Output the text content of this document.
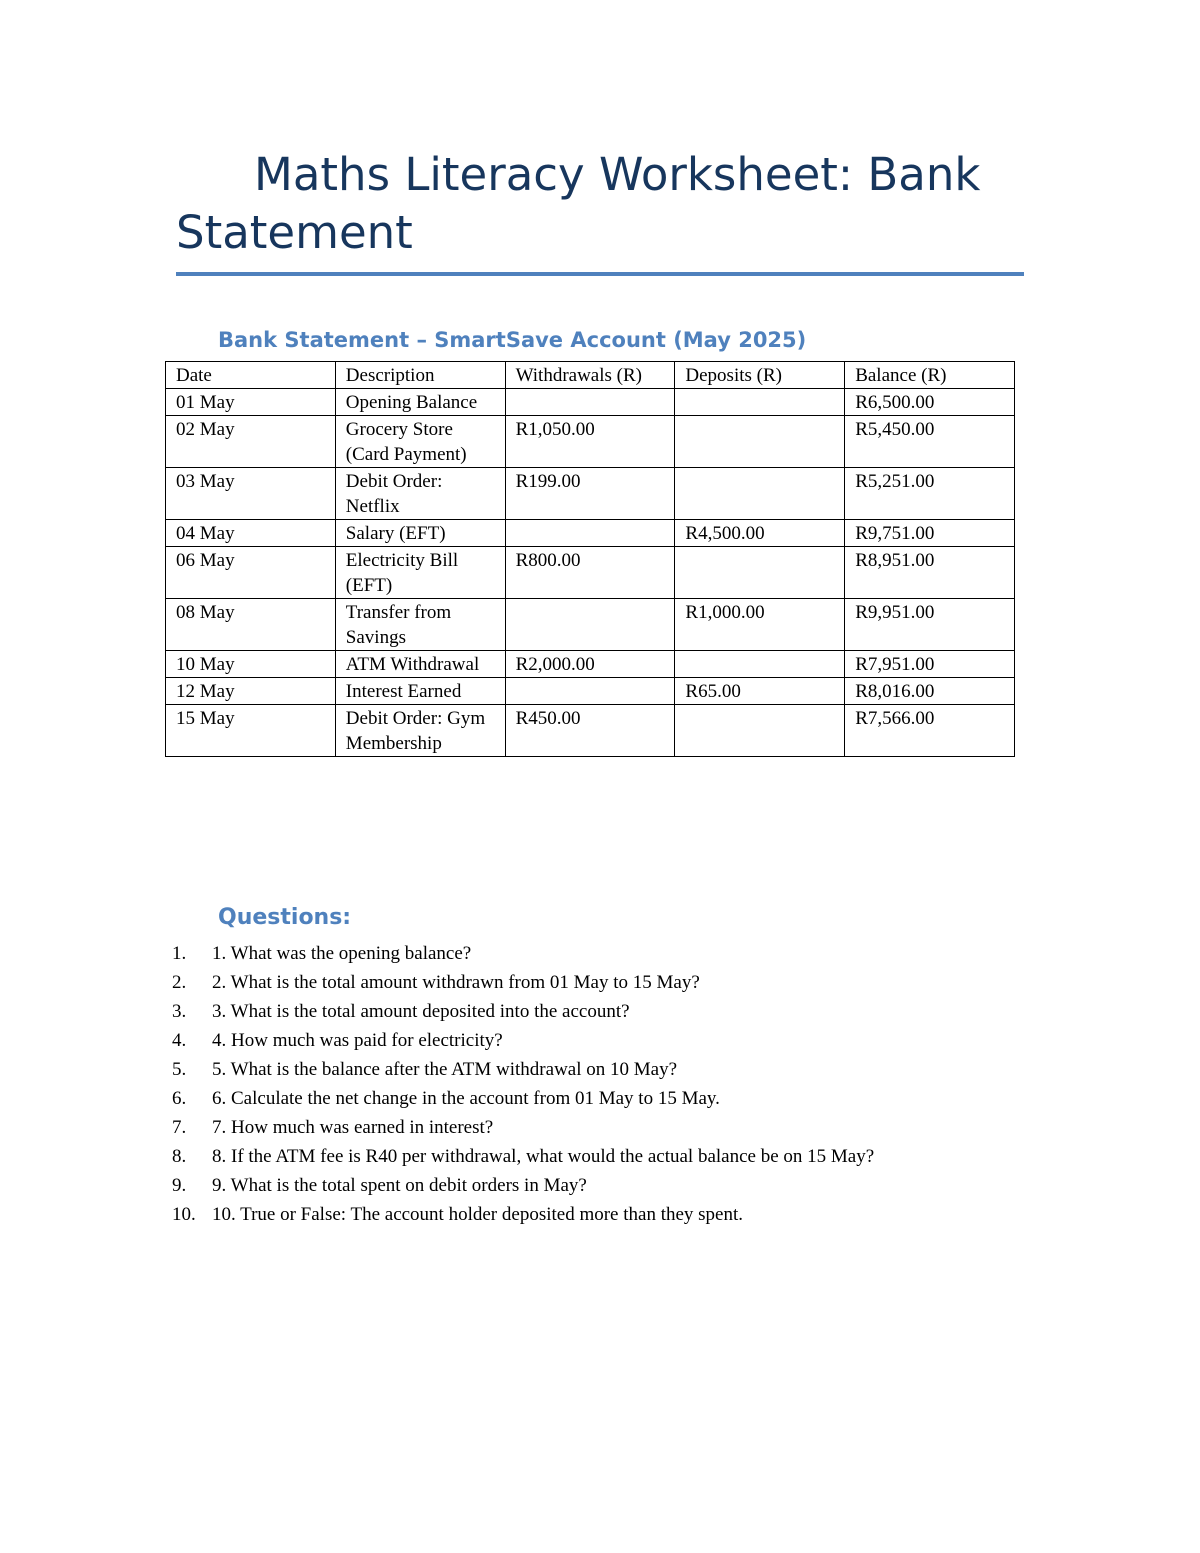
Maths Literacy Worksheet: Bank Statement
Bank Statement – SmartSave Account (May 2025)
Date	Description	Withdrawals (R)	Deposits (R)	Balance (R)
01 May	Opening Balance			R6,500.00
02 May	Grocery Store (Card Payment)	R1,050.00		R5,450.00
03 May	Debit Order: Netflix	R199.00		R5,251.00
04 May	Salary (EFT)		R4,500.00	R9,751.00
06 May	Electricity Bill (EFT)	R800.00		R8,951.00
08 May	Transfer from Savings		R1,000.00	R9,951.00
10 May	ATM Withdrawal	R2,000.00		R7,951.00
12 May	Interest Earned		R65.00	R8,016.00
15 May	Debit Order: Gym Membership	R450.00		R7,566.00
Questions:
1.	1. What was the opening balance?
2.	2. What is the total amount withdrawn from 01 May to 15 May?
3.	3. What is the total amount deposited into the account?
4.	4. How much was paid for electricity?
5.	5. What is the balance after the ATM withdrawal on 10 May?
6.	6. Calculate the net change in the account from 01 May to 15 May.
7.	7. How much was earned in interest?
8.	8. If the ATM fee is R40 per withdrawal, what would the actual balance be on 15 May?
9.	9. What is the total spent on debit orders in May?
10. 10. True or False: The account holder deposited more than they spent.
